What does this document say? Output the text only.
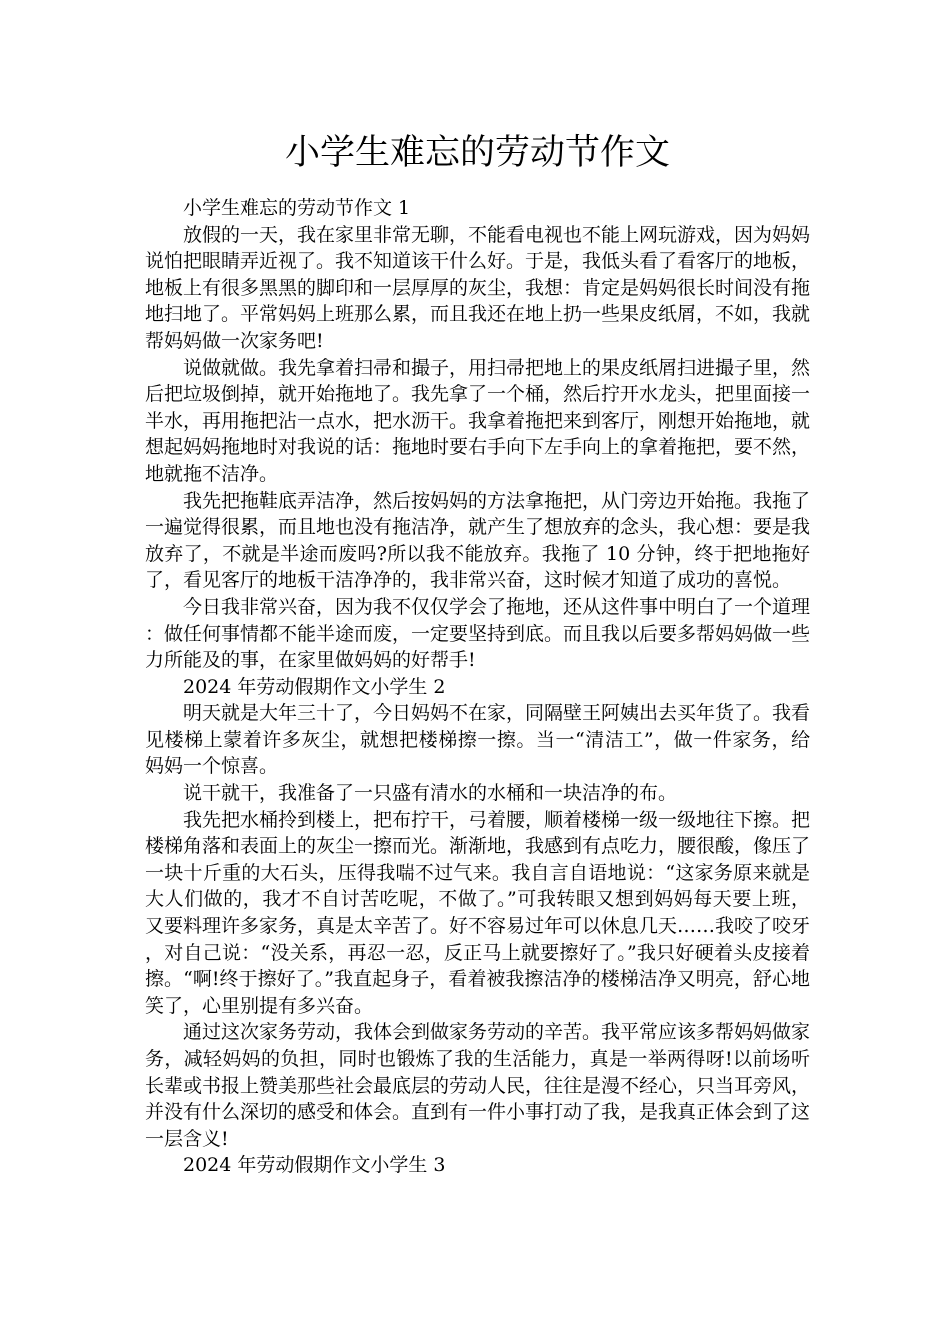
小学生难忘的劳动节作文

小学生难忘的劳动节作文 1

放假的一天，我在家里非常无聊，不能看电视也不能上网玩游戏，因为妈妈说怕把眼睛弄近视了。我不知道该干什么好。于是，我低头看了看客厅的地板，地板上有很多黑黑的脚印和一层厚厚的灰尘，我想：肯定是妈妈很长时间没有拖地扫地了。平常妈妈上班那么累，而且我还在地上扔一些果皮纸屑，不如，我就帮妈妈做一次家务吧!

说做就做。我先拿着扫帚和撮子，用扫帚把地上的果皮纸屑扫进撮子里，然后把垃圾倒掉，就开始拖地了。我先拿了一个桶，然后拧开水龙头，把里面接一半水，再用拖把沾一点水，把水沥干。我拿着拖把来到客厅，刚想开始拖地，就想起妈妈拖地时对我说的话：拖地时要右手向下左手向上的拿着拖把，要不然，地就拖不洁净。

我先把拖鞋底弄洁净，然后按妈妈的方法拿拖把，从门旁边开始拖。我拖了一遍觉得很累，而且地也没有拖洁净，就产生了想放弃的念头，我心想：要是我放弃了，不就是半途而废吗?所以我不能放弃。我拖了 10 分钟，终于把地拖好了，看见客厅的地板干洁净净的，我非常兴奋，这时候才知道了成功的喜悦。

今日我非常兴奋，因为我不仅仅学会了拖地，还从这件事中明白了一个道理：做任何事情都不能半途而废，一定要坚持到底。而且我以后要多帮妈妈做一些力所能及的事，在家里做妈妈的好帮手!

2024 年劳动假期作文小学生 2

明天就是大年三十了，今日妈妈不在家，同隔壁王阿姨出去买年货了。我看见楼梯上蒙着许多灰尘，就想把楼梯擦一擦。当一“清洁工”，做一件家务，给妈妈一个惊喜。

说干就干，我准备了一只盛有清水的水桶和一块洁净的布。

我先把水桶拎到楼上，把布拧干，弓着腰，顺着楼梯一级一级地往下擦。把楼梯角落和表面上的灰尘一擦而光。渐渐地，我感到有点吃力，腰很酸，像压了一块十斤重的大石头，压得我喘不过气来。我自言自语地说：“这家务原来就是大人们做的，我才不自讨苦吃呢，不做了。”可我转眼又想到妈妈每天要上班，又要料理许多家务，真是太辛苦了。好不容易过年可以休息几天……我咬了咬牙，对自己说：“没关系，再忍一忍，反正马上就要擦好了。”我只好硬着头皮接着擦。“啊!终于擦好了。”我直起身子，看着被我擦洁净的楼梯洁净又明亮，舒心地笑了，心里别提有多兴奋。

通过这次家务劳动，我体会到做家务劳动的辛苦。我平常应该多帮妈妈做家务，减轻妈妈的负担，同时也锻炼了我的生活能力，真是一举两得呀!以前场听长辈或书报上赞美那些社会最底层的劳动人民，往往是漫不经心，只当耳旁风，并没有什么深切的感受和体会。直到有一件小事打动了我，是我真正体会到了这一层含义!

2024 年劳动假期作文小学生 3
